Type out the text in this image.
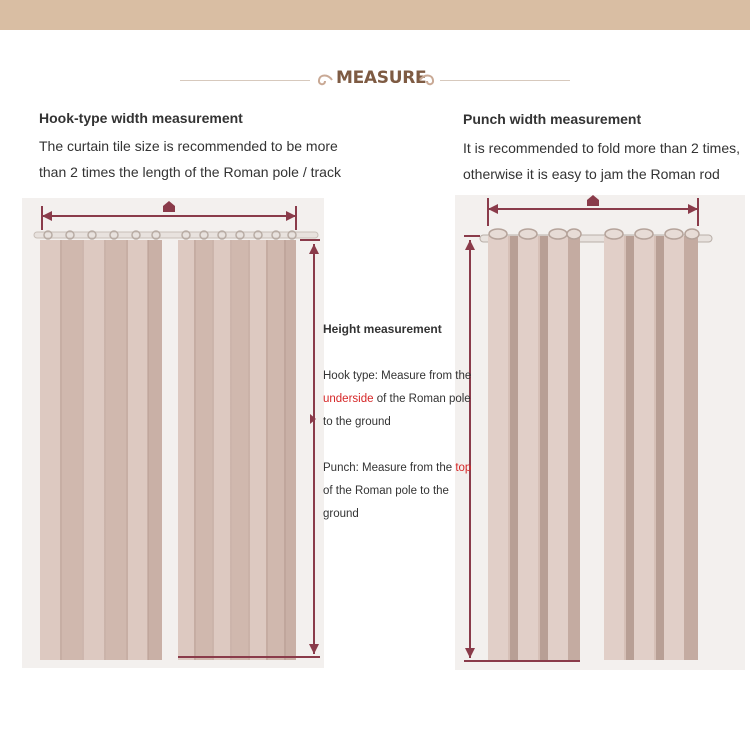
MEASURE
Hook-type width measurement
The curtain tile size is recommended to be more
than 2 times the length of the Roman pole / track
Punch width measurement
It is recommended to fold more than 2 times,
otherwise it is easy to jam the Roman rod
Height measurement
Hook type: Measure from the
underside of the Roman pole
to the ground
Punch: Measure from the top
of the Roman pole to the
ground
